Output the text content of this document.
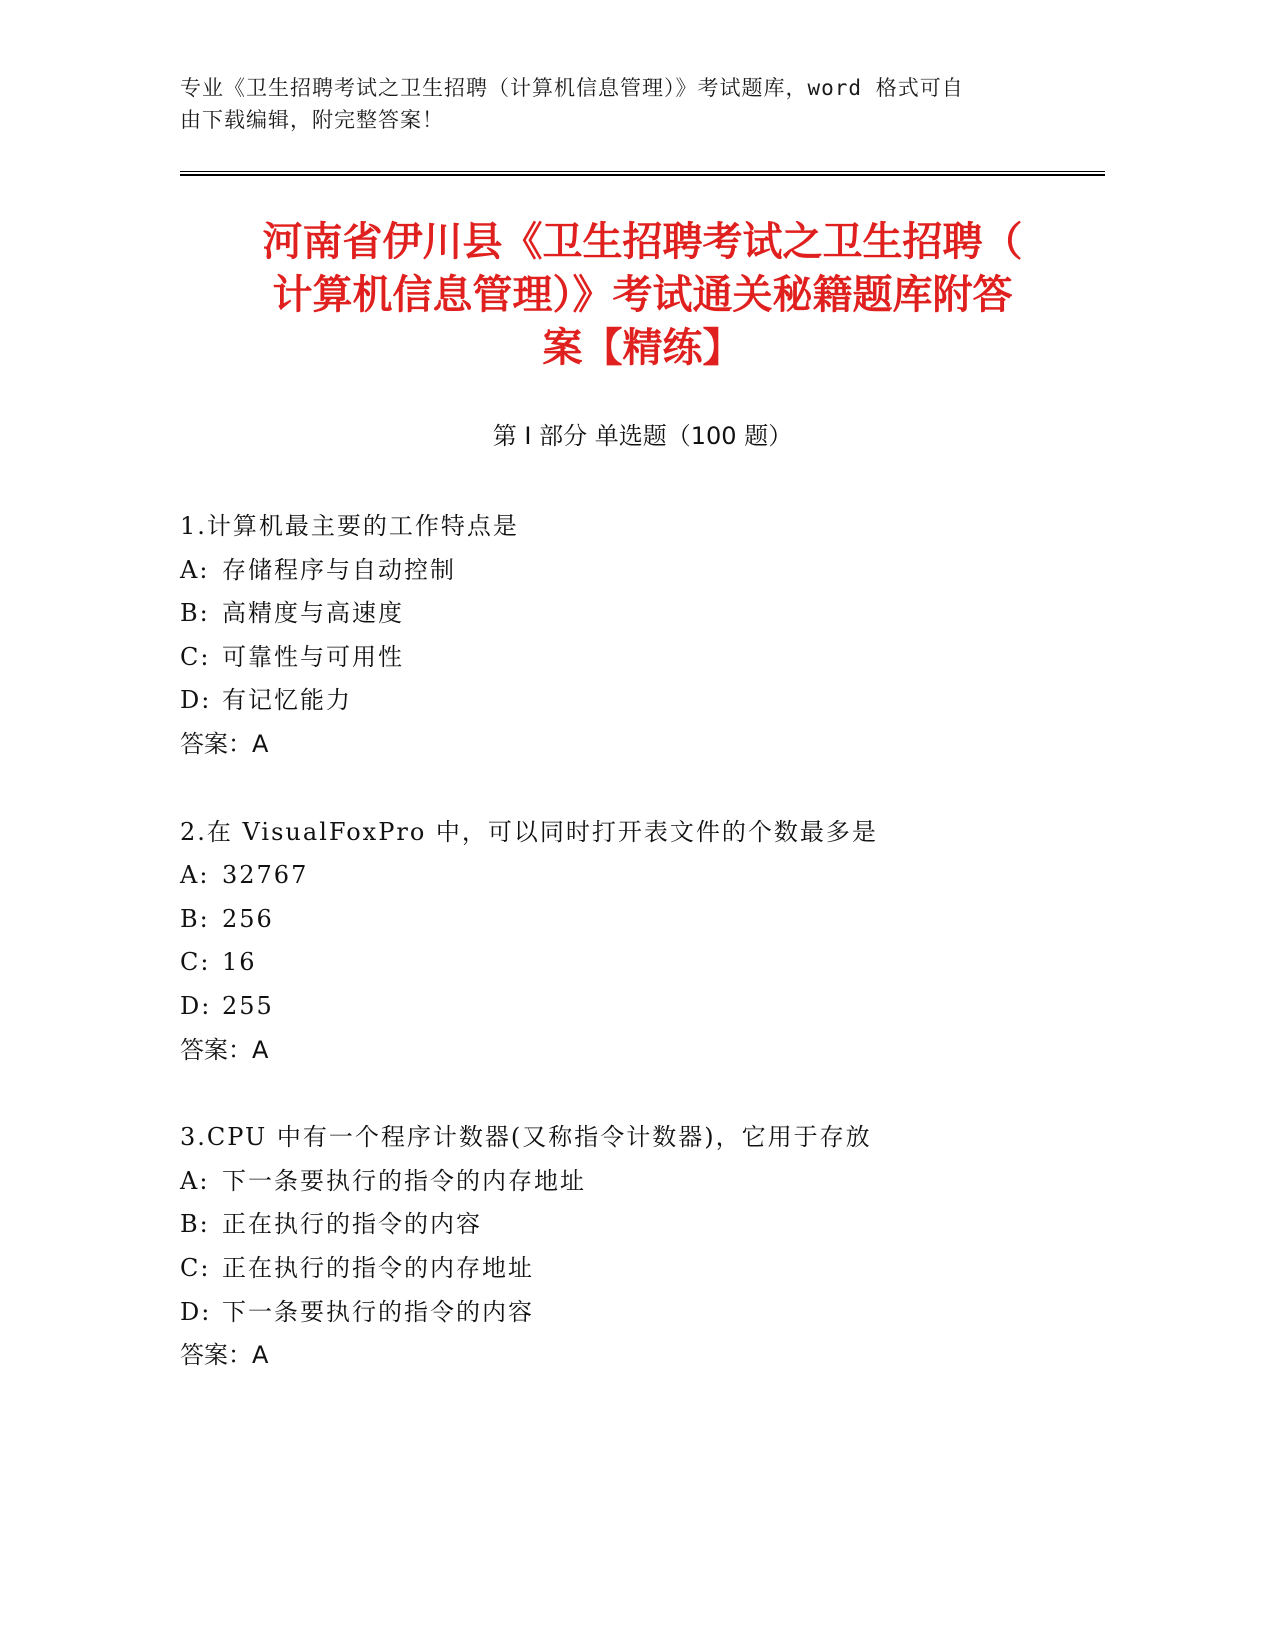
专业《卫生招聘考试之卫生招聘（计算机信息管理）》考试题库，word 格式可自
由下载编辑，附完整答案！
河南省伊川县《卫生招聘考试之卫生招聘（
计算机信息管理）》考试通关秘籍题库附答
案【精练】
第 I 部分 单选题（100 题）
1.计算机最主要的工作特点是
A: 存储程序与自动控制
B: 高精度与高速度
C: 可靠性与可用性
D: 有记忆能力
答案：A
2.在 VisualFoxPro 中，可以同时打开表文件的个数最多是
A: 32767
B: 256
C: 16
D: 255
答案：A
3.CPU 中有一个程序计数器(又称指令计数器)，它用于存放
A: 下一条要执行的指令的内存地址
B: 正在执行的指令的内容
C: 正在执行的指令的内存地址
D: 下一条要执行的指令的内容
答案：A
